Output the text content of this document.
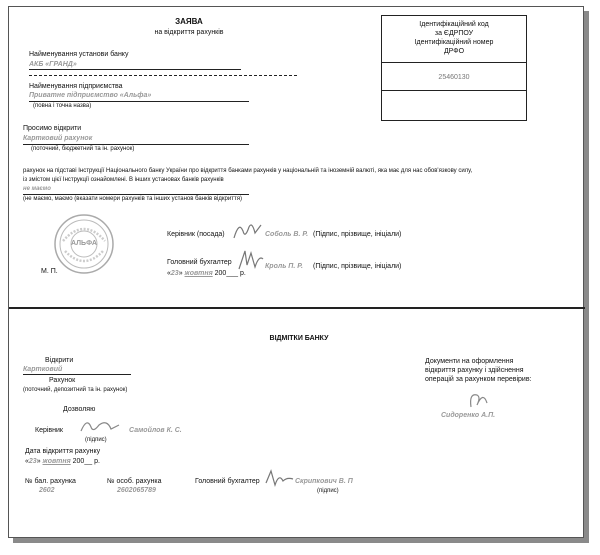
ЗАЯВА
на відкриття рахунків
Ідентифікаційний код
за ЄДРПОУ
Ідентифікаційний номер
ДРФО
25460130
Найменування установи банку
АКБ «ГРАНД»
Найменування підприємства
Приватне підприємство «Альфа»
(повна і точна назва)
Просимо відкрити
Картковий рахунок
(поточний, бюджетний та ін. рахунок)
рахунок на підставі Інструкції Національного банку України про відкриття банками рахунків у національній та іноземній валюті, яка має для нас обов'язкову силу,
із змістом цієї Інструкції ознайомлені. В інших установах банків рахунків
не маємо
(не маємо, маємо (вказати номери рахунків та інших установ банків відкриття)
АЛЬФА
М. П.
Керівник (посада)	Соболь В. Р. (Підпис, прізвище, ініціали)
Головний бухгалтер
Кроль П. Р. (Підпис, прізвище, ініціали)
«23» жовтня 200___ р.
ВІДМІТКИ БАНКУ
Відкрити
Картковий
Рахунок
(поточний, депозитний та ін. рахунок)
Дозволяю
Керівник	Самойлов К. С.
(підпис)
Дата відкриття рахунку
«23» жовтня 200__ р.
Документи на оформлення
відкриття рахунку і здійснення
операцій за рахунком перевірив:
Сидоренко А.П.
№ бал. рахунка
2602
№ особ. рахунка
2602065789
Головний бухгалтер	Скрипкович В. П
(підпис)
